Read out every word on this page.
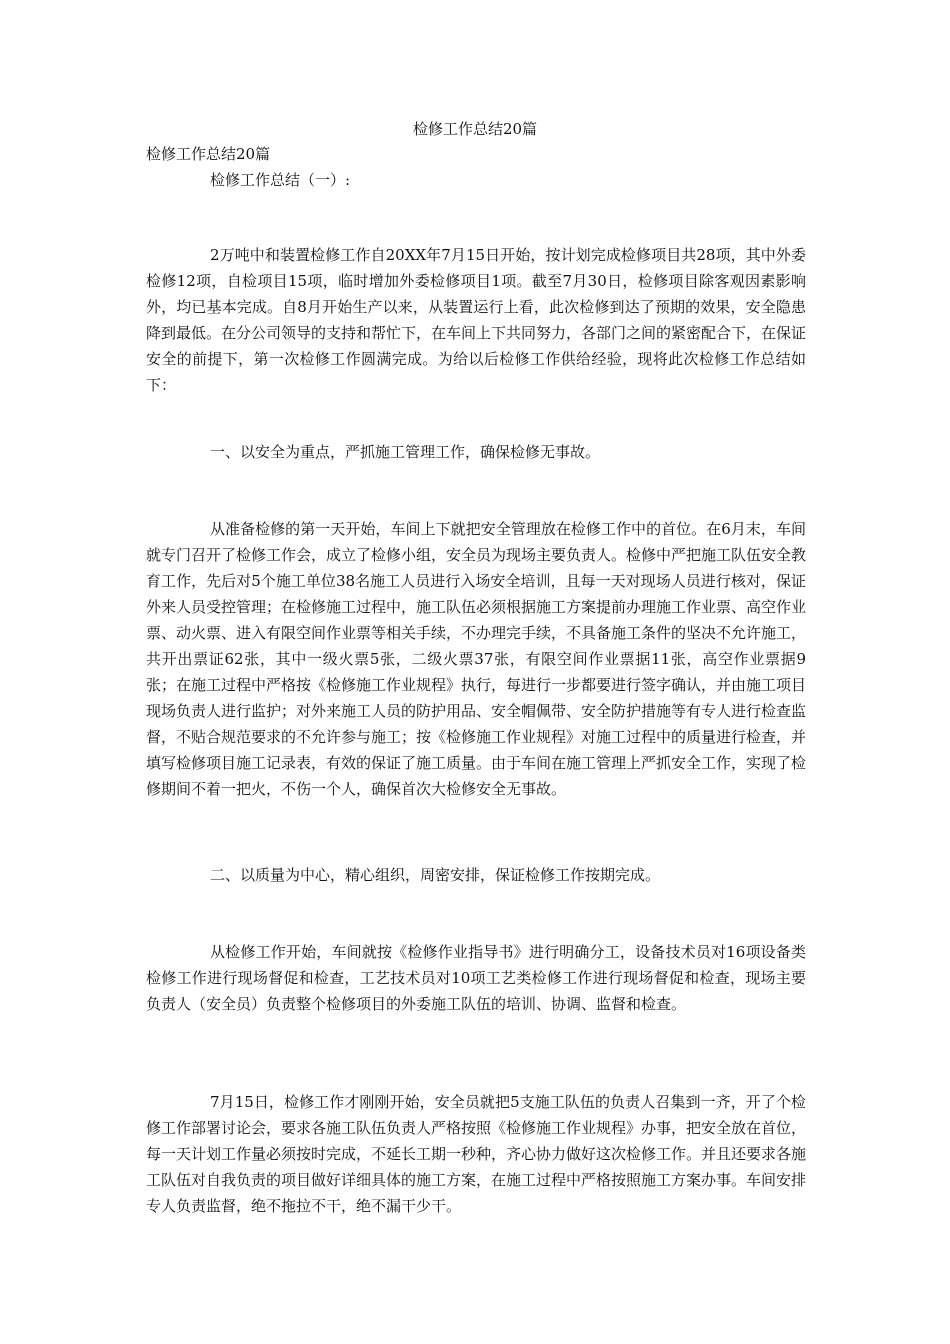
检修工作总结20篇
检修工作总结20篇
检修工作总结（一）:

2万吨中和装置检修工作自20XX年7月15日开始，按计划完成检修项目共28项，其中外委检修12项，自检项目15项，临时增加外委检修项目1项。截至7月30日，检修项目除客观因素影响外，均已基本完成。自8月开始生产以来，从装置运行上看，此次检修到达了预期的效果，安全隐患降到最低。在分公司领导的支持和帮忙下，在车间上下共同努力，各部门之间的紧密配合下，在保证安全的前提下，第一次检修工作圆满完成。为给以后检修工作供给经验，现将此次检修工作总结如下：

一、以安全为重点，严抓施工管理工作，确保检修无事故。

从准备检修的第一天开始，车间上下就把安全管理放在检修工作中的首位。在6月末，车间就专门召开了检修工作会，成立了检修小组，安全员为现场主要负责人。检修中严把施工队伍安全教育工作，先后对5个施工单位38名施工人员进行入场安全培训，且每一天对现场人员进行核对，保证外来人员受控管理；在检修施工过程中，施工队伍必须根据施工方案提前办理施工作业票、高空作业票、动火票、进入有限空间作业票等相关手续，不办理完手续，不具备施工条件的坚决不允许施工，共开出票证62张，其中一级火票5张，二级火票37张，有限空间作业票据11张，高空作业票据9张；在施工过程中严格按《检修施工作业规程》执行，每进行一步都要进行签字确认，并由施工项目现场负责人进行监护；对外来施工人员的防护用品、安全帽佩带、安全防护措施等有专人进行检查监督，不贴合规范要求的不允许参与施工；按《检修施工作业规程》对施工过程中的质量进行检查，并填写检修项目施工记录表，有效的保证了施工质量。由于车间在施工管理上严抓安全工作，实现了检修期间不着一把火，不伤一个人，确保首次大检修安全无事故。

二、以质量为中心，精心组织，周密安排，保证检修工作按期完成。

从检修工作开始，车间就按《检修作业指导书》进行明确分工，设备技术员对16项设备类检修工作进行现场督促和检查，工艺技术员对10项工艺类检修工作进行现场督促和检查，现场主要负责人（安全员）负责整个检修项目的外委施工队伍的培训、协调、监督和检查。

7月15日，检修工作才刚刚开始，安全员就把5支施工队伍的负责人召集到一齐，开了个检修工作部署讨论会，要求各施工队伍负责人严格按照《检修施工作业规程》办事，把安全放在首位，每一天计划工作量必须按时完成，不延长工期一秒种，齐心协力做好这次检修工作。并且还要求各施工队伍对自我负责的项目做好详细具体的施工方案，在施工过程中严格按照施工方案办事。车间安排专人负责监督，绝不拖拉不干，绝不漏干少干。
